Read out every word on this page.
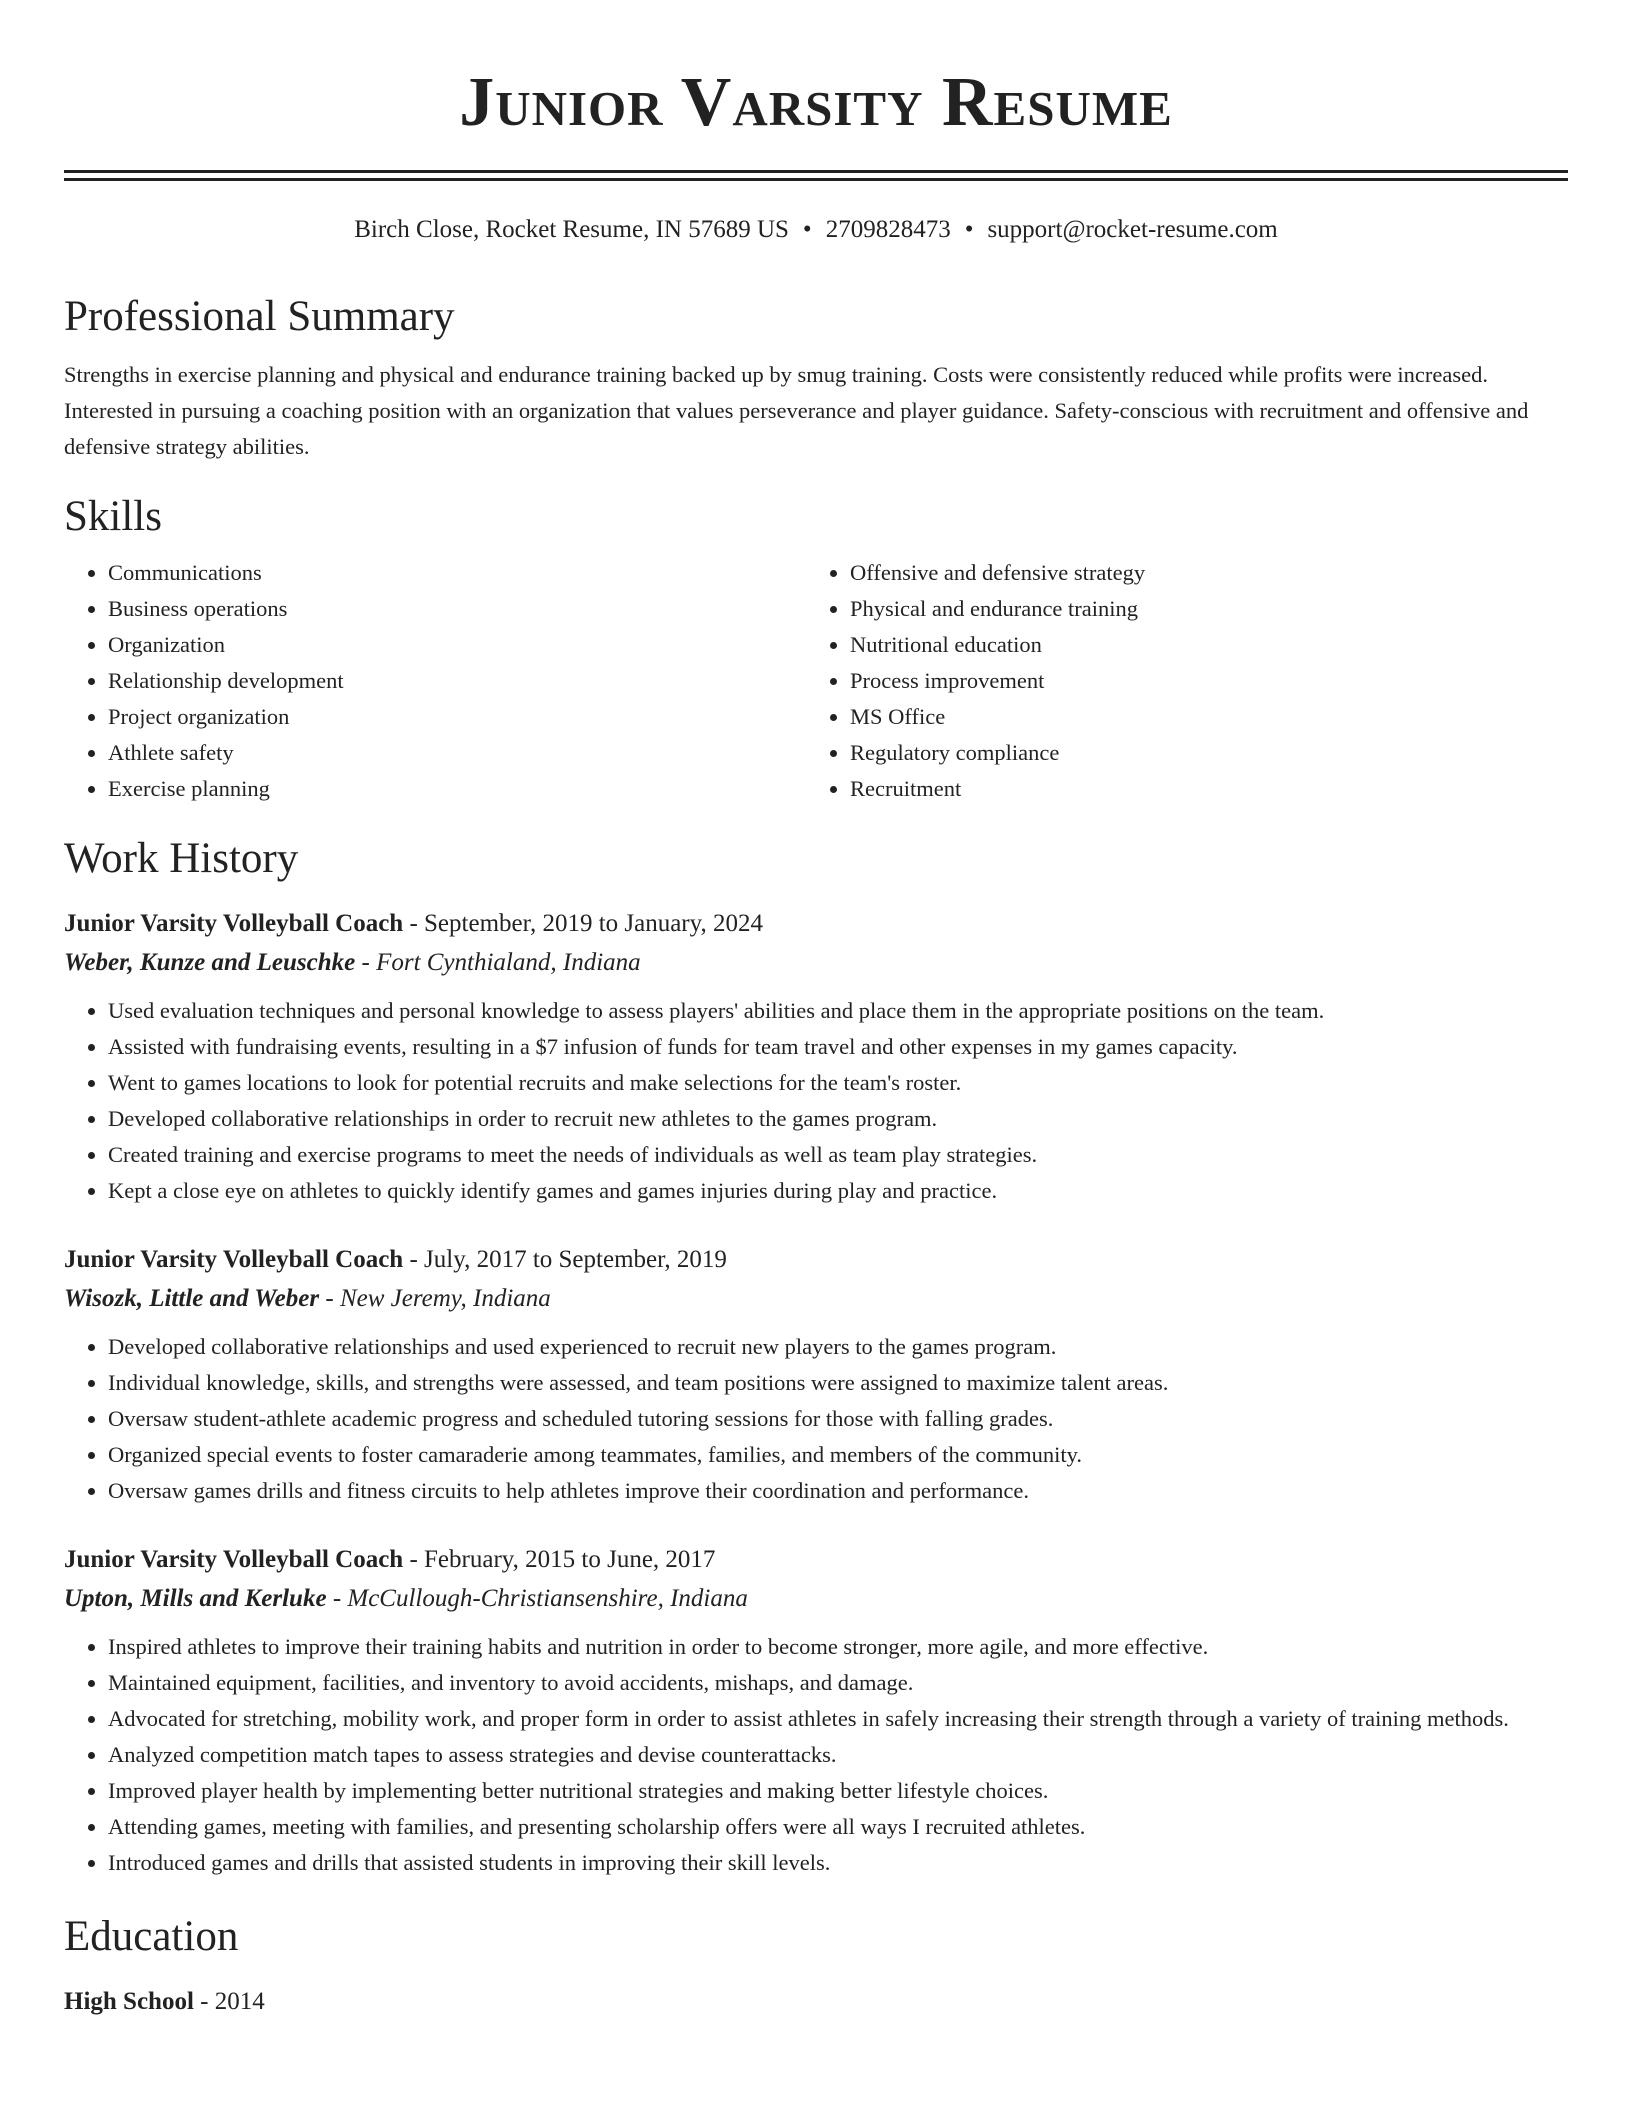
Junior Varsity Resume
Birch Close, Rocket Resume, IN 57689 US • 2709828473 • support@rocket-resume.com
Professional Summary

Strengths in exercise planning and physical and endurance training backed up by smug training. Costs were consistently reduced while profits were increased. Interested in pursuing a coaching position with an organization that values perseverance and player guidance. Safety-conscious with recruitment and offensive and defensive strategy abilities.

Skills
• Communications
• Business operations
• Organization
• Relationship development
• Project organization
• Athlete safety
• Exercise planning
• Offensive and defensive strategy
• Physical and endurance training
• Nutritional education
• Process improvement
• MS Office
• Regulatory compliance
• Recruitment
Work History
Junior Varsity Volleyball Coach - September, 2019 to January, 2024
Weber, Kunze and Leuschke - Fort Cynthialand, Indiana
• Used evaluation techniques and personal knowledge to assess players' abilities and place them in the appropriate positions on the team.
• Assisted with fundraising events, resulting in a $7 infusion of funds for team travel and other expenses in my games capacity.
• Went to games locations to look for potential recruits and make selections for the team's roster.
• Developed collaborative relationships in order to recruit new athletes to the games program.
• Created training and exercise programs to meet the needs of individuals as well as team play strategies.
• Kept a close eye on athletes to quickly identify games and games injuries during play and practice.
Junior Varsity Volleyball Coach - July, 2017 to September, 2019
Wisozk, Little and Weber - New Jeremy, Indiana
• Developed collaborative relationships and used experienced to recruit new players to the games program.
• Individual knowledge, skills, and strengths were assessed, and team positions were assigned to maximize talent areas.
• Oversaw student-athlete academic progress and scheduled tutoring sessions for those with falling grades.
• Organized special events to foster camaraderie among teammates, families, and members of the community.
• Oversaw games drills and fitness circuits to help athletes improve their coordination and performance.
Junior Varsity Volleyball Coach - February, 2015 to June, 2017
Upton, Mills and Kerluke - McCullough-Christiansenshire, Indiana
• Inspired athletes to improve their training habits and nutrition in order to become stronger, more agile, and more effective.
• Maintained equipment, facilities, and inventory to avoid accidents, mishaps, and damage.
• Advocated for stretching, mobility work, and proper form in order to assist athletes in safely increasing their strength through a variety of training methods.
• Analyzed competition match tapes to assess strategies and devise counterattacks.
• Improved player health by implementing better nutritional strategies and making better lifestyle choices.
• Attending games, meeting with families, and presenting scholarship offers were all ways I recruited athletes.
• Introduced games and drills that assisted students in improving their skill levels.
Education
High School - 2014
